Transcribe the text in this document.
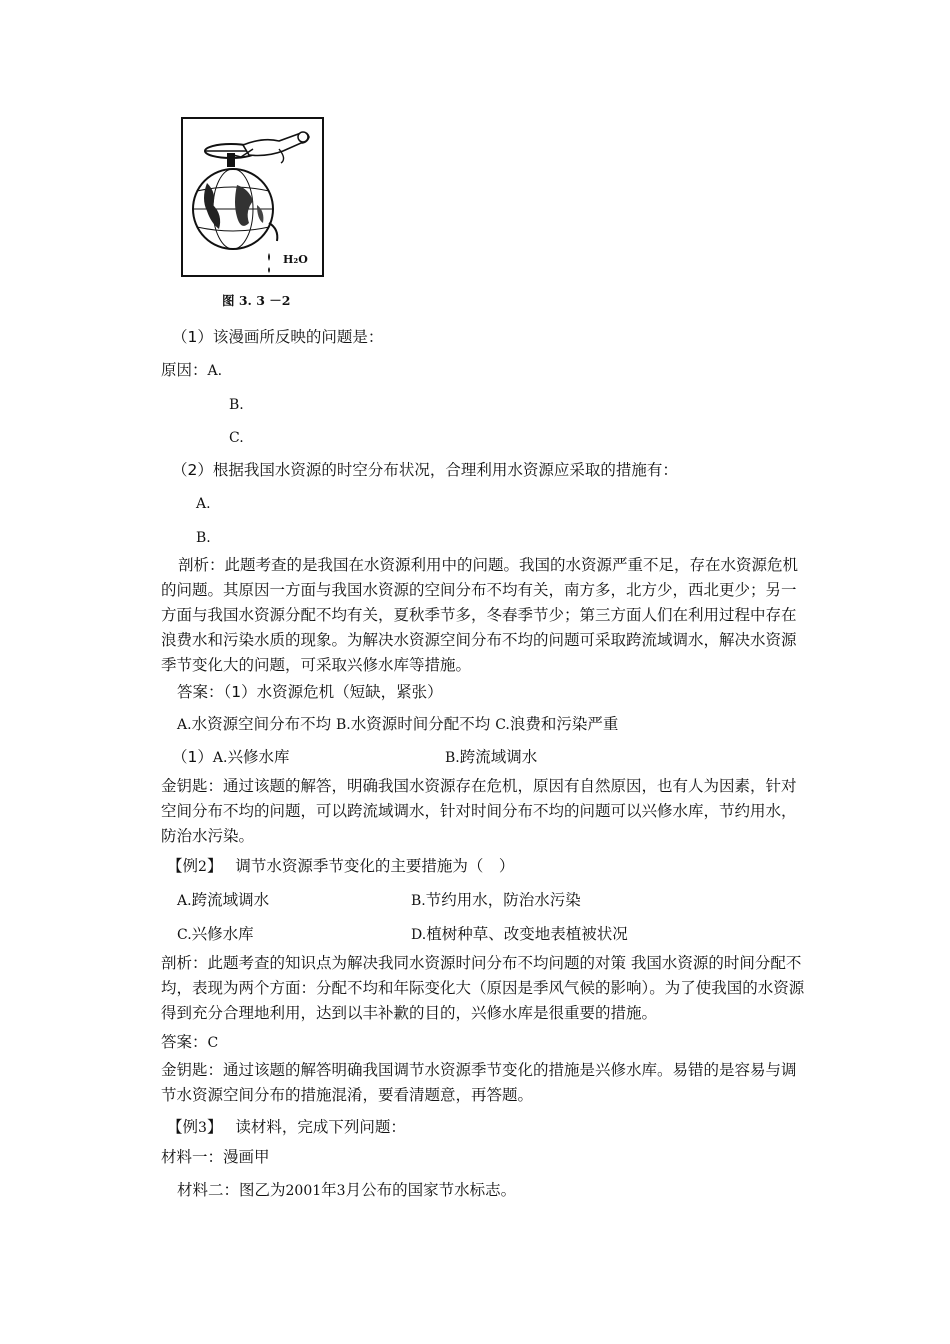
H₂O
图 3. 3 －2
（1）该漫画所反映的问题是：
原因：A.
B.
C.
（2）根据我国水资源的时空分布状况，合理利用水资源应采取的措施有：
A.
B.
剖析：此题考查的是我国在水资源利用中的问题。我国的水资源严重不足，存在水资源危机的问题。其原因一方面与我国水资源的空间分布不均有关，南方多，北方少，西北更少；另一方面与我国水资源分配不均有关，夏秋季节多，冬春季节少；第三方面人们在利用过程中存在浪费水和污染水质的现象。为解决水资源空间分布不均的问题可采取跨流域调水，解决水资源季节变化大的问题，可采取兴修水库等措施。
答案：（1）水资源危机（短缺，紧张）
A.水资源空间分布不均 B.水资源时间分配不均 C.浪费和污染严重
（1）A.兴修水库	B.跨流域调水
金钥匙：通过该题的解答，明确我国水资源存在危机，原因有自然原因，也有人为因素，针对空间分布不均的问题，可以跨流域调水，针对时间分布不均的问题可以兴修水库，节约用水，防治水污染。
【例2】 调节水资源季节变化的主要措施为（　）
A.跨流域调水	B.节约用水，防治水污染
C.兴修水库	D.植树种草、改变地表植被状况
剖析：此题考查的知识点为解决我同水资源时问分布不均问题的对策 我国水资源的时间分配不均，表现为两个方面：分配不均和年际变化大（原因是季风气候的影响）。为了使我国的水资源得到充分合理地利用，达到以丰补歉的目的，兴修水库是很重要的措施。
答案：C
金钥匙：通过该题的解答明确我国调节水资源季节变化的措施是兴修水库。易错的是容易与调节水资源空间分布的措施混淆，要看清题意，再答题。
【例3】 读材料，完成下列问题：
材料一：漫画甲
材料二：图乙为2001年3月公布的国家节水标志。
